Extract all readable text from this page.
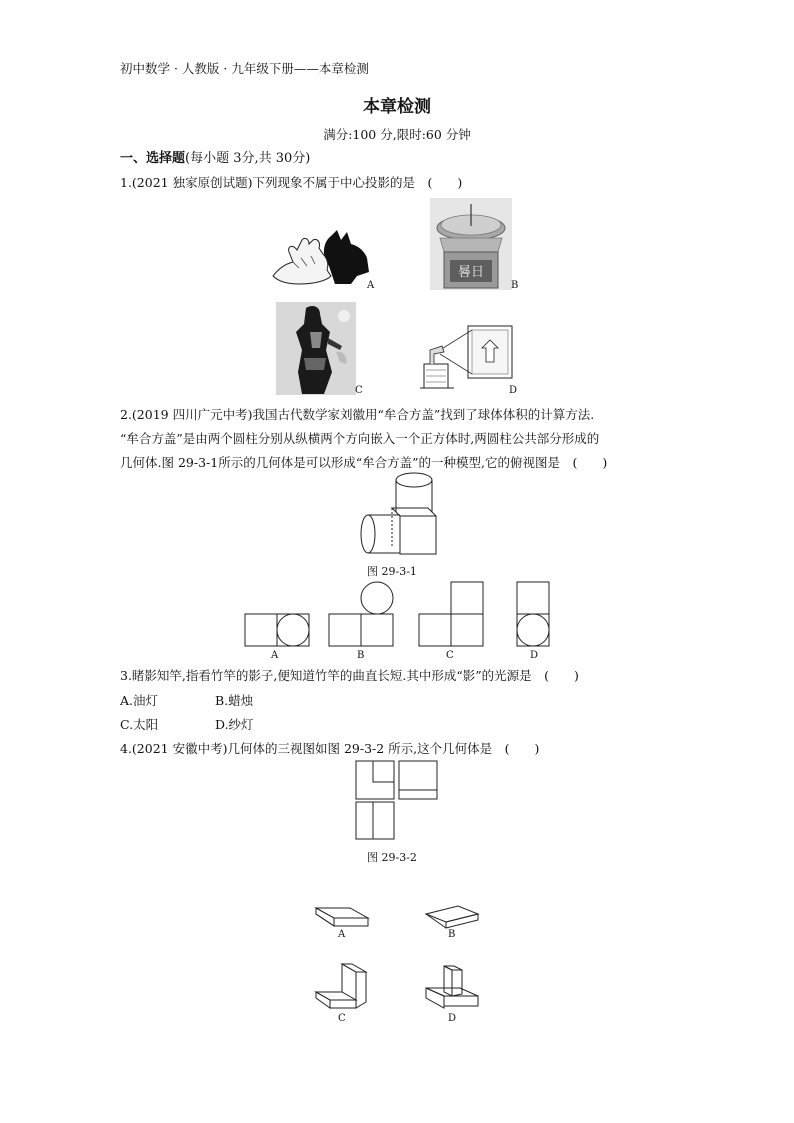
初中数学 · 人教版 · 九年级下册——本章检测
本章检测
满分:100 分,限时:60 分钟
一、选择题(每小题 3分,共 30分)
1.(2021 独家原创试题)下列现象不属于中心投影的是　(　　)
A
晷日
B
C	D
2.(2019 四川广元中考)我国古代数学家刘徽用“牟合方盖”找到了球体体积的计算方法.
“牟合方盖”是由两个圆柱分别从纵横两个方向嵌入一个正方体时,两圆柱公共部分形成的
几何体.图 29-3-1所示的几何体是可以形成“牟合方盖”的一种模型,它的俯视图是　(　　)
图 29-3-1
A	B	C	D
3.睹影知竿,指看竹竿的影子,便知道竹竿的曲直长短.其中形成“影”的光源是　(　　)
A.油灯	B.蜡烛
C.太阳	D.纱灯
4.(2021 安徽中考)几何体的三视图如图 29-3-2 所示,这个几何体是　(　　)
图 29-3-2
A	B
C	D
